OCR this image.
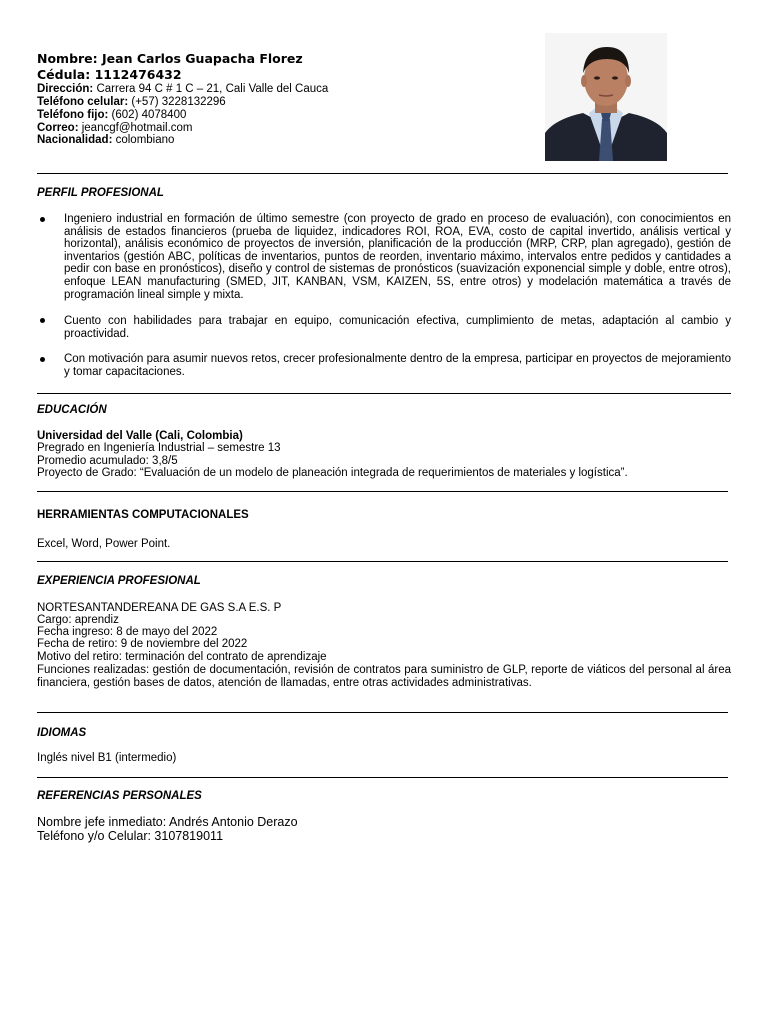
Nombre: Jean Carlos Guapacha Florez
Cédula: 1112476432
Dirección: Carrera 94 C # 1 C – 21, Cali Valle del Cauca
Teléfono celular: (+57) 3228132296
Teléfono fijo: (602) 4078400
Correo: jeancgf@hotmail.com
Nacionalidad: colombiano
PERFIL PROFESIONAL
Ingeniero industrial en formación de último semestre (con proyecto de grado en proceso de evaluación), con conocimientos en análisis de estados financieros (prueba de liquidez, indicadores ROI, ROA, EVA, costo de capital invertido, análisis vertical y horizontal), análisis económico de proyectos de inversión, planificación de la producción (MRP, CRP, plan agregado), gestión de inventarios (gestión ABC, políticas de inventarios, puntos de reorden, inventario máximo, intervalos entre pedidos y cantidades a pedir con base en pronósticos), diseño y control de sistemas de pronósticos (suavización exponencial simple y doble, entre otros), enfoque LEAN manufacturing (SMED, JIT, KANBAN, VSM, KAIZEN, 5S, entre otros) y modelación matemática a través de programación lineal simple y mixta.
Cuento con habilidades para trabajar en equipo, comunicación efectiva, cumplimiento de metas, adaptación al cambio y proactividad.
Con motivación para asumir nuevos retos, crecer profesionalmente dentro de la empresa, participar en proyectos de mejoramiento y tomar capacitaciones.
EDUCACIÓN
Universidad del Valle (Cali, Colombia)
Pregrado en Ingeniería Industrial – semestre 13
Promedio acumulado: 3,8/5
Proyecto de Grado: “Evaluación de un modelo de planeación integrada de requerimientos de materiales y logística”.
HERRAMIENTAS COMPUTACIONALES
Excel, Word, Power Point.
EXPERIENCIA PROFESIONAL
NORTESANTANDEREANA DE GAS S.A E.S. P
Cargo: aprendiz
Fecha ingreso: 8 de mayo del 2022
Fecha de retiro: 9 de noviembre del 2022
Motivo del retiro: terminación del contrato de aprendizaje
Funciones realizadas: gestión de documentación, revisión de contratos para suministro de GLP, reporte de viáticos del personal al área financiera, gestión bases de datos, atención de llamadas, entre otras actividades administrativas.
IDIOMAS
Inglés nivel B1 (intermedio)
REFERENCIAS PERSONALES
Nombre jefe inmediato: Andrés Antonio Derazo
Teléfono y/o Celular: 3107819011
